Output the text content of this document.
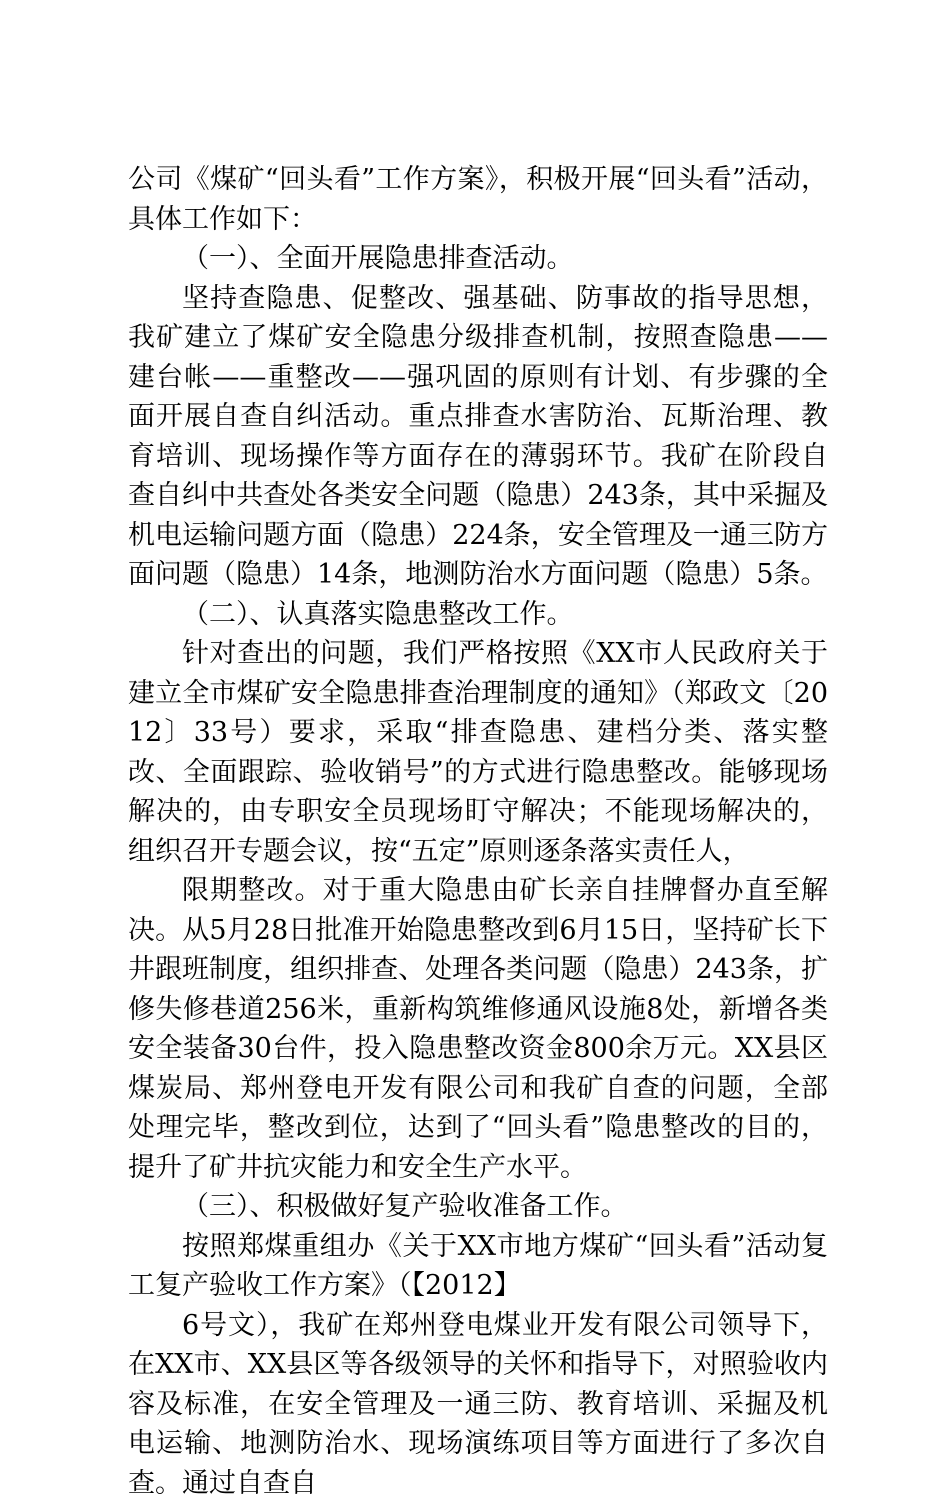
公司《煤矿“回头看”工作方案》，积极开展“回头看”活动，具体工作如下：

（一）、全面开展隐患排查活动。

坚持查隐患、促整改、强基础、防事故的指导思想，我矿建立了煤矿安全隐患分级排查机制，按照查隐患——建台帐——重整改——强巩固的原则有计划、有步骤的全面开展自查自纠活动。重点排查水害防治、瓦斯治理、教育培训、现场操作等方面存在的薄弱环节。我矿在阶段自查自纠中共查处各类安全问题（隐患）243条，其中采掘及机电运输问题方面（隐患）224条，安全管理及一通三防方面问题（隐患）14条，地测防治水方面问题（隐患）5条。

（二）、认真落实隐患整改工作。

针对查出的问题，我们严格按照《XX市人民政府关于建立全市煤矿安全隐患排查治理制度的通知》（郑政文〔2012〕33号）要求，采取“排查隐患、建档分类、落实整改、全面跟踪、验收销号”的方式进行隐患整改。能够现场解决的，由专职安全员现场盯守解决；不能现场解决的，组织召开专题会议，按“五定”原则逐条落实责任人，

限期整改。对于重大隐患由矿长亲自挂牌督办直至解决。从5月28日批准开始隐患整改到6月15日，坚持矿长下井跟班制度，组织排查、处理各类问题（隐患）243条，扩修失修巷道256米，重新构筑维修通风设施8处，新增各类安全装备30台件，投入隐患整改资金800余万元。XX县区煤炭局、郑州登电开发有限公司和我矿自查的问题，全部处理完毕，整改到位，达到了“回头看”隐患整改的目的，提升了矿井抗灾能力和安全生产水平。

（三）、积极做好复产验收准备工作。

按照郑煤重组办《关于XX市地方煤矿“回头看”活动复工复产验收工作方案》（【2012】

6号文），我矿在郑州登电煤业开发有限公司领导下，在XX市、XX县区等各级领导的关怀和指导下，对照验收内容及标准，在安全管理及一通三防、教育培训、采掘及机电运输、地测防治水、现场演练项目等方面进行了多次自查。通过自查自
